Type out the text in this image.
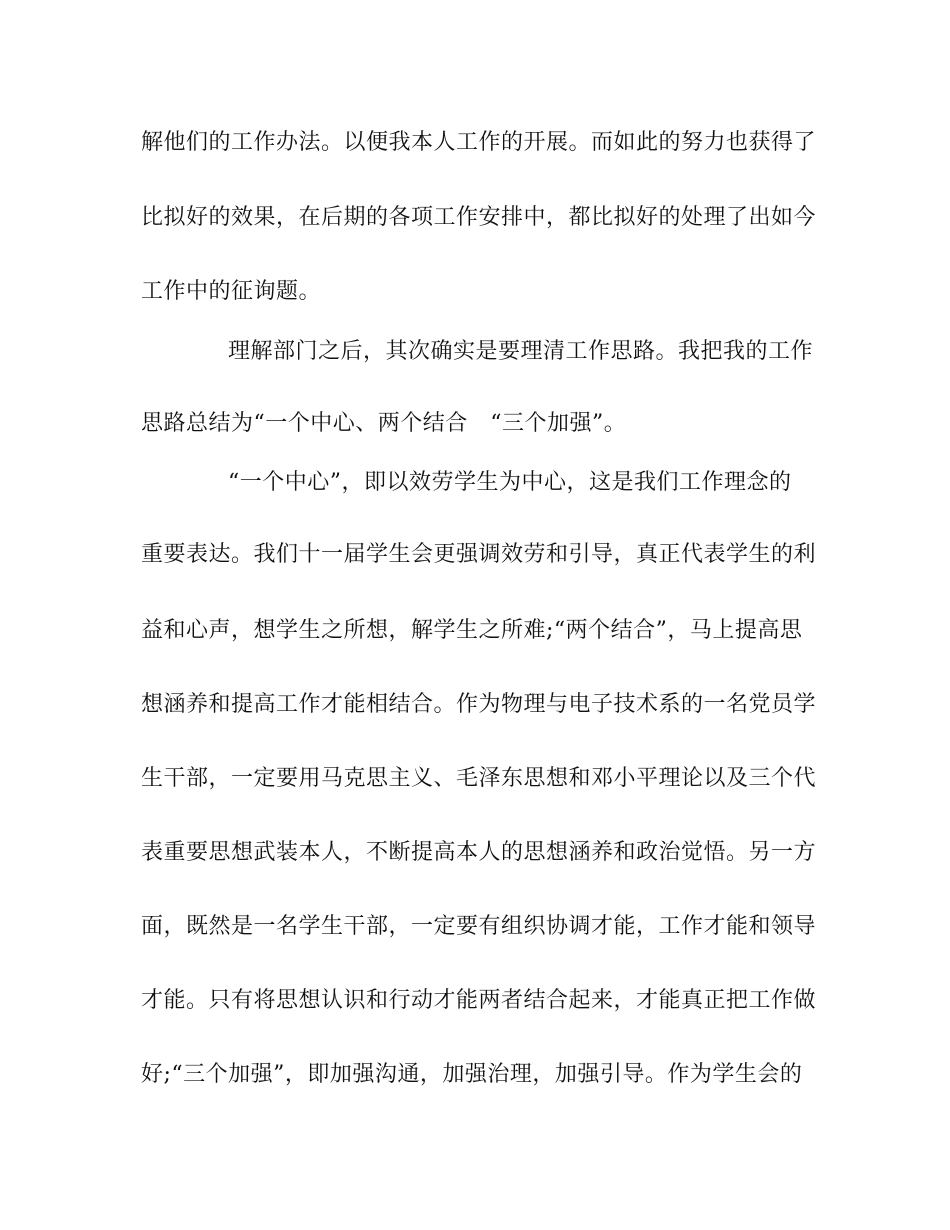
解他们的工作办法。以便我本人工作的开展。而如此的努力也获得了
比拟好的效果，在后期的各项工作安排中，都比拟好的处理了出如今
工作中的征询题。
理解部门之后，其次确实是要理清工作思路。我把我的工作
思路总结为“一个中心、两个结合　“三个加强”。
“一个中心”，即以效劳学生为中心，这是我们工作理念的
重要表达。我们十一届学生会更强调效劳和引导，真正代表学生的利
益和心声，想学生之所想，解学生之所难;“两个结合”，马上提高思
想涵养和提高工作才能相结合。作为物理与电子技术系的一名党员学
生干部，一定要用马克思主义、毛泽东思想和邓小平理论以及三个代
表重要思想武装本人，不断提高本人的思想涵养和政治觉悟。另一方
面，既然是一名学生干部，一定要有组织协调才能，工作才能和领导
才能。只有将思想认识和行动才能两者结合起来，才能真正把工作做
好;“三个加强”，即加强沟通，加强治理，加强引导。作为学生会的
